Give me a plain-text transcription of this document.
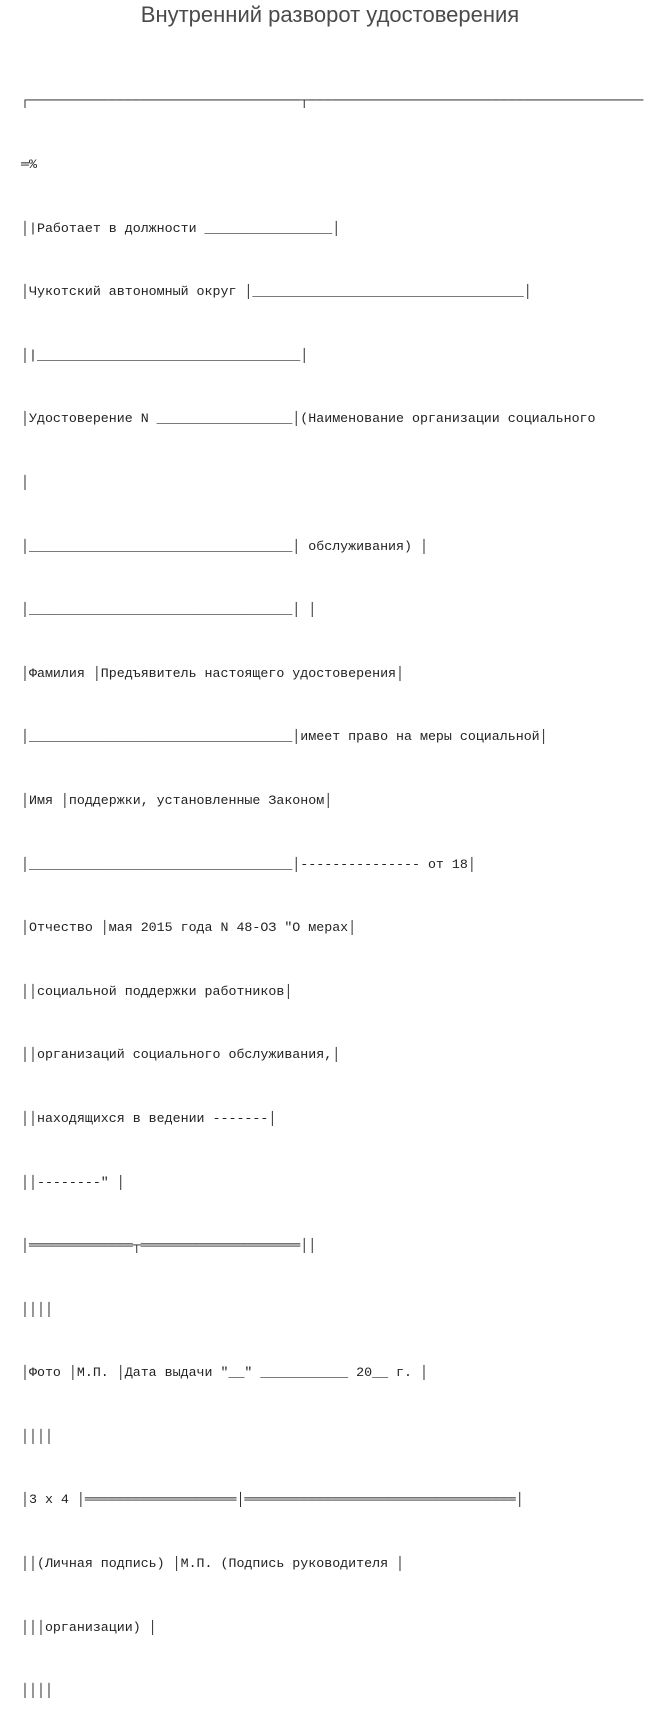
Внутренний разворот удостоверения

┌──────────────────────────────────┬──────────────────────────────────────────

═%

│|Работает в должности ________________│

│Чукотский автономный округ │__________________________________│

│|_________________________________│

│Удостоверение N _________________│(Наименование организации социального

│

│_________________________________│ обслуживания) │

│_________________________________│ │

│Фамилия │Предъявитель настоящего удостоверения│

│_________________________________│имеет право на меры социальной│

│Имя │поддержки, установленные Законом│

│_________________________________│--------------- от 18│

│Отчество │мая 2015 года N 48-ОЗ "О мерах│

││социальной поддержки работников│

││организаций социального обслуживания,│

││находящихся в ведении -------│

││--------" │

│═════════════┬════════════════════││

││││

│Фото │М.П. │Дата выдачи "__" ___________ 20__ г. │

││││

│3 х 4 │═══════════════════│══════════════════════════════════│

││(Личная подпись) │М.П. (Подпись руководителя │

│││организации) │

││││
